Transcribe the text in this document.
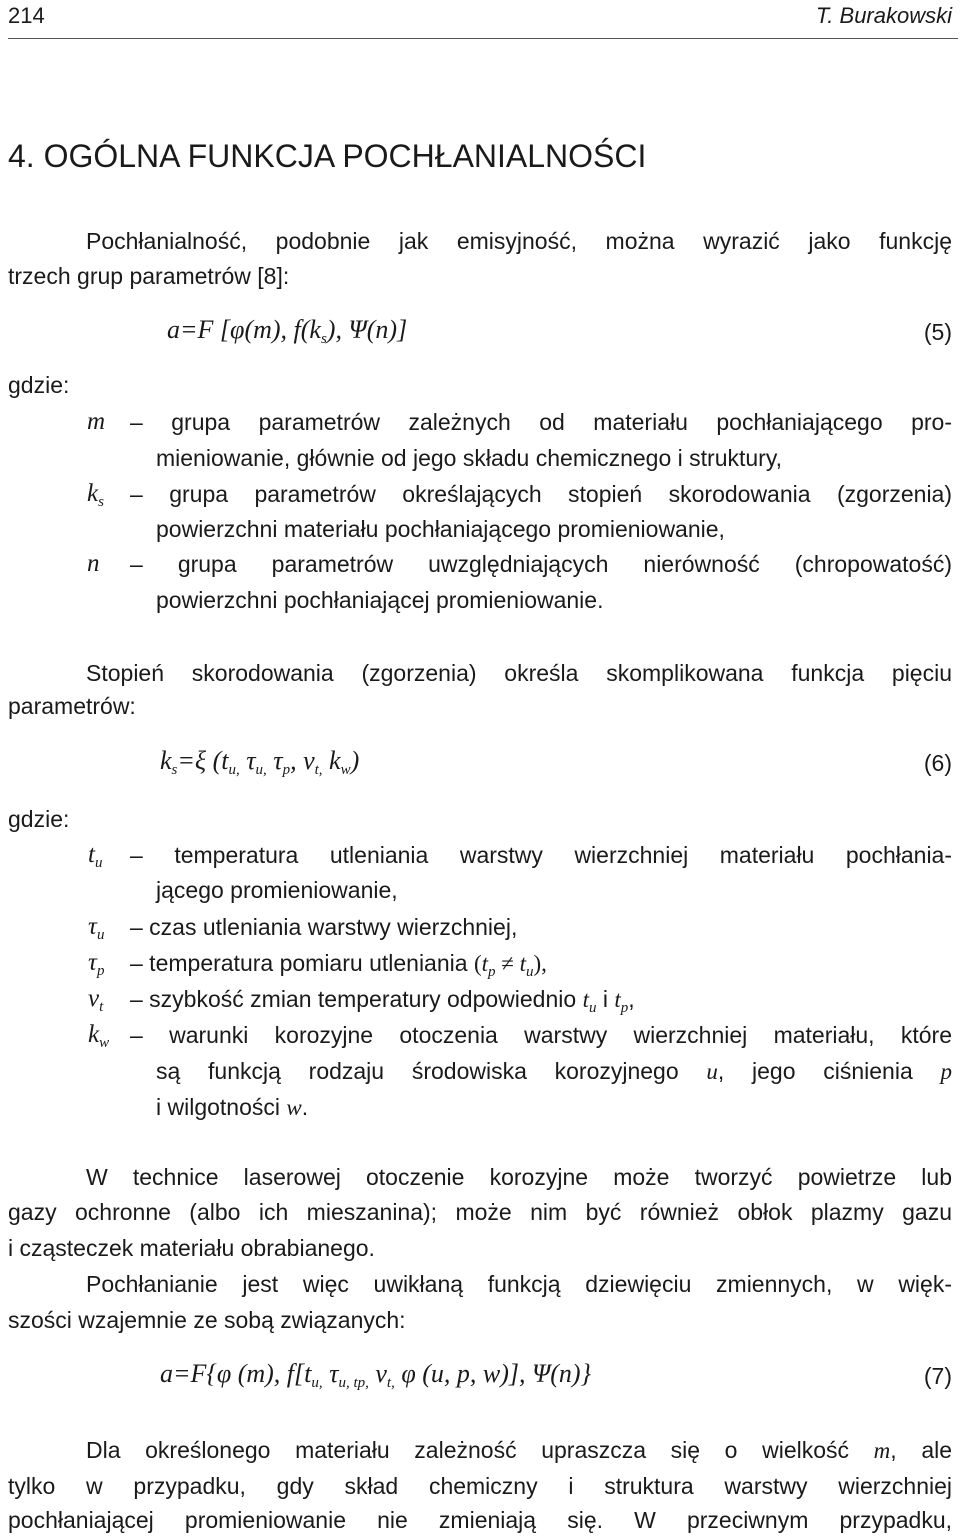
214	T. Burakowski
4. OGÓLNA FUNKCJA POCHŁANIALNOŚCI
Pochłanialność, podobnie jak emisyjność, można wyrazić jako funkcję
trzech grup parametrów [8]:
a=F [φ(m), $f(k_s)$, Ψ(n)]	(5)
gdzie:
m – grupa parametrów zależnych od materiału pochłaniającego pro-
mieniowanie, głównie od jego składu chemicznego i struktury,
$k_s$ – grupa parametrów określających stopień skorodowania (zgorzenia)
powierzchni materiału pochłaniającego promieniowanie,
n – grupa parametrów uwzględniających nierówność (chropowatość)
powierzchni pochłaniającej promieniowanie.
Stopień skorodowania (zgorzenia) określa skomplikowana funkcja pięciu
parametrów:
$k_s=\xi$ ($t_{u,}$ $\tau_{u,}$ $\tau_p$, $v_{t,}$ $k_w$)	(6)
gdzie:
$t_u$ – temperatura utleniania warstwy wierzchniej materiału pochłania-
jącego promieniowanie,
$\tau_u$ – czas utleniania warstwy wierzchniej,
$\tau_p$ – temperatura pomiaru utleniania $(t_p \ne t_u)$,
$v_t$ – szybkość zmian temperatury odpowiednio $t_u$ i $t_p$,
$k_w$ – warunki korozyjne otoczenia warstwy wierzchniej materiału, które
są funkcją rodzaju środowiska korozyjnego u, jego ciśnienia p
i wilgotności w.
W technice laserowej otoczenie korozyjne może tworzyć powietrze lub
gazy ochronne (albo ich mieszanina); może nim być również obłok plazmy gazu
i cząsteczek materiału obrabianego.
Pochłanianie jest więc uwikłaną funkcją dziewięciu zmiennych, w więk-
szości wzajemnie ze sobą związanych:
a=F{φ (m), $f[t_{u,}$ $\tau_{u, tp,}$ $v_{t,}$ φ (u, p, w)], Ψ(n)}	(7)
Dla określonego materiału zależność upraszcza się o wielkość m, ale
tylko w przypadku, gdy skład chemiczny i struktura warstwy wierzchniej
pochłaniającej promieniowanie nie zmieniają się. W przeciwnym przypadku,
